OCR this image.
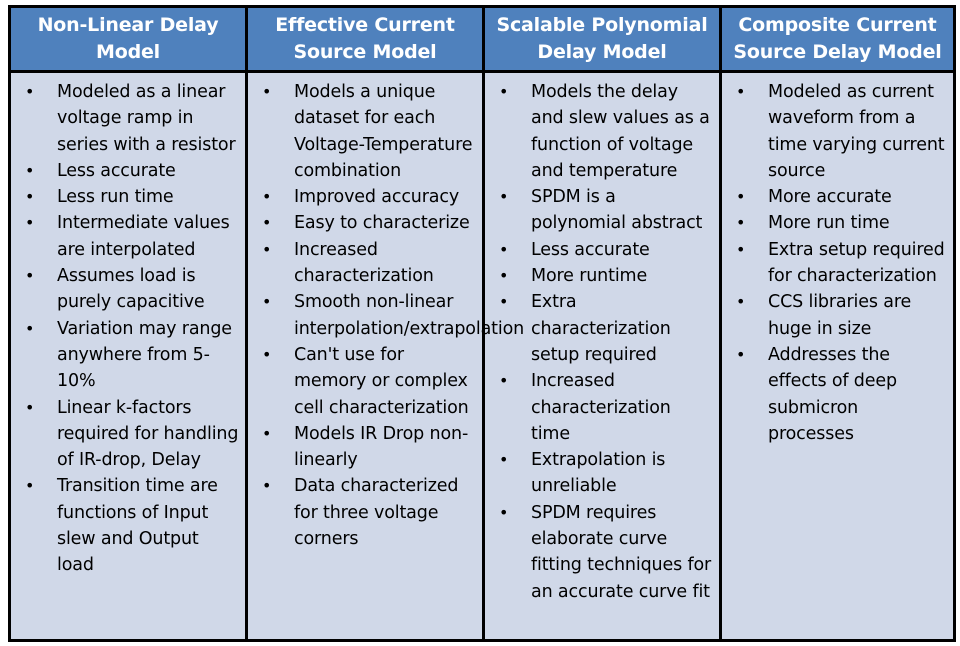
Non-Linear Delay Model
• Modeled as a linear voltage ramp in series with a resistor
• Less accurate
• Less run time
• Intermediate values are interpolated
• Assumes load is purely capacitive
• Variation may range anywhere from 5-10%
• Linear k-factors required for handling of IR-drop, Delay
• Transition time are functions of Input slew and Output load
Effective Current Source Model
• Models a unique dataset for each Voltage-Temperature combination
• Improved accuracy
• Easy to characterize
• Increased characterization
• Smooth non-linear interpolation/extrapolation
• Can't use for memory or complex cell characterization
• Models IR Drop non-linearly
• Data characterized for three voltage corners
Scalable Polynomial Delay Model
• Models the delay and slew values as a function of voltage and temperature
• SPDM is a polynomial abstract
• Less accurate
• More runtime
• Extra characterization setup required
• Increased characterization time
• Extrapolation is unreliable
• SPDM requires elaborate curve fitting techniques for an accurate curve fit
Composite Current Source Delay Model
• Modeled as current waveform from a time varying current source
• More accurate
• More run time
• Extra setup required for characterization
• CCS libraries are huge in size
• Addresses the effects of deep submicron processes
